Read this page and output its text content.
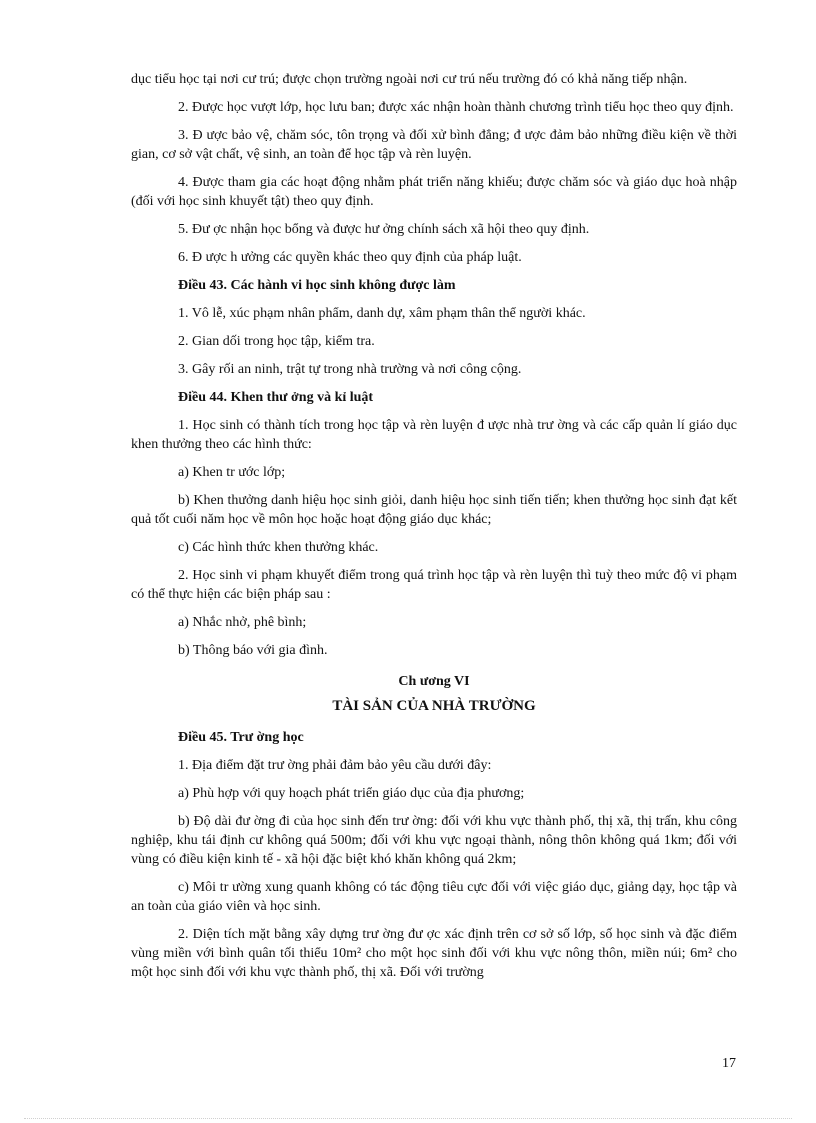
dục tiểu học tại nơi cư trú; được chọn trường ngoài nơi cư trú nếu trường đó có khả năng tiếp nhận.

2. Được học vượt lớp, học lưu ban; được xác nhận hoàn thành chương trình tiểu học theo quy định.

3. Đ ược bảo vệ, chăm sóc, tôn trọng và đối xử bình đẳng; đ ược đảm bảo những điều kiện về thời gian, cơ sở vật chất, vệ sinh, an toàn để học tập và rèn luyện.

4. Được tham gia các hoạt động nhằm phát triển năng khiếu; được chăm sóc và giáo dục hoà nhập (đối với học sinh khuyết tật) theo quy định.

5. Đư ợc nhận học bổng và được hư ởng chính sách xã hội theo quy định.

6. Đ ược h ưởng các quyền khác theo quy định của pháp luật.

Điều 43. Các hành vi học sinh không được làm

1. Vô lễ, xúc phạm nhân phẩm, danh dự, xâm phạm thân thể người khác.

2. Gian dối trong học tập, kiểm tra.

3. Gây rối an ninh, trật tự trong nhà trường và nơi công cộng.

Điều 44. Khen thư ởng và kỉ luật

1. Học sinh có thành tích trong học tập và rèn luyện đ ược nhà trư ờng và các cấp quản lí giáo dục khen thưởng theo các hình thức:

a) Khen tr ước lớp;

b) Khen thưởng danh hiệu học sinh giỏi, danh hiệu học sinh tiến tiến; khen thưởng học sinh đạt kết quả tốt cuối năm học về môn học hoặc hoạt động giáo dục khác;

c) Các hình thức khen thưởng khác.

2. Học sinh vi phạm khuyết điểm trong quá trình học tập và rèn luyện thì tuỳ theo mức độ vi phạm có thể thực hiện các biện pháp sau :

a) Nhắc nhở, phê bình;

b) Thông báo với gia đình.

Ch ương VI
TÀI SẢN CỦA NHÀ TRƯỜNG

Điều 45. Trư ờng học

1. Địa điểm đặt trư ờng phải đảm bảo yêu cầu dưới đây:

a) Phù hợp với quy hoạch phát triển giáo dục của địa phương;

b) Độ dài đư ờng đi của học sinh đến trư ờng: đối với khu vực thành phố, thị xã, thị trấn, khu công nghiệp, khu tái định cư không quá 500m; đối với khu vực ngoại thành, nông thôn không quá 1km; đối với vùng có điều kiện kinh tế - xã hội đặc biệt khó khăn không quá 2km;

c) Môi tr ường xung quanh không có tác động tiêu cực đối với việc giáo dục, giảng dạy, học tập và an toàn của giáo viên và học sinh.

2. Diện tích mặt bằng xây dựng trư ờng đư ợc xác định trên cơ sở số lớp, số học sinh và đặc điểm vùng miền với bình quân tối thiểu 10m² cho một học sinh đối với khu vực nông thôn, miền núi; 6m² cho một học sinh đối với khu vực thành phố, thị xã. Đối với trường

17
